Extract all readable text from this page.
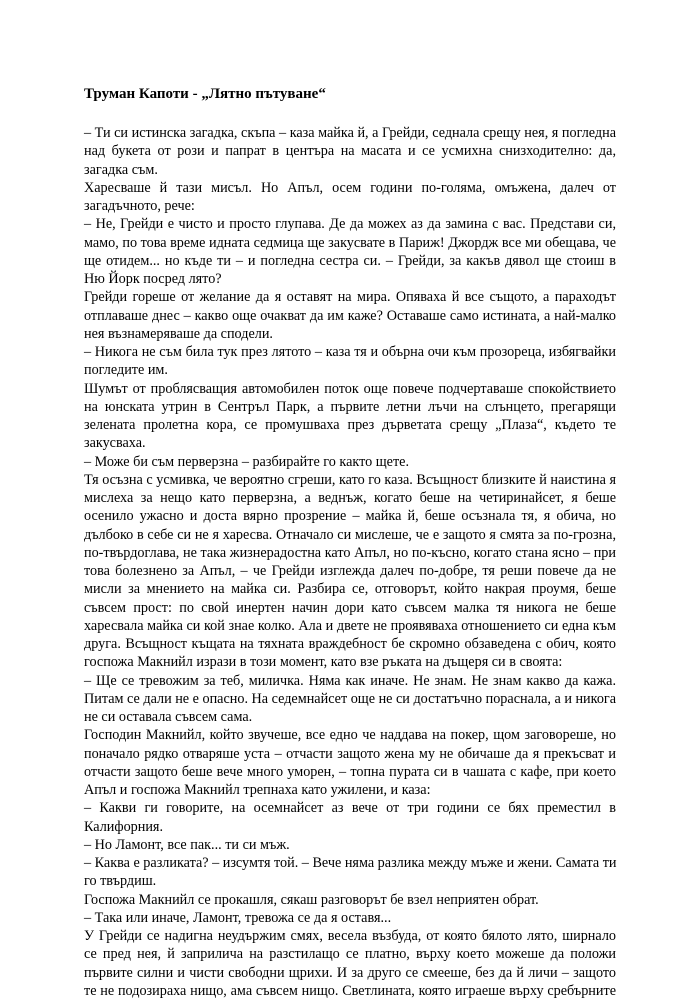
Труман Капоти - „Лятно пътуване“
– Ти си истинска загадка, скъпа – каза майка й, а Грейди, седнала срещу нея, я погледна
над букета от рози и папрат в центъра на масата и се усмихна снизходително: да,
загадка съм.
Харесваше й тази мисъл. Но Апъл, осем години по-голяма, омъжена, далеч от
загадъчното, рече:
– Не, Грейди е чисто и просто глупава. Де да можех аз да замина с вас. Представи си,
мамо, по това време идната седмица ще закусвате в Париж! Джордж все ми обещава, че
ще отидем... но къде ти – и погледна сестра си. – Грейди, за какъв дявол ще стоиш в
Ню Йорк посред лято?
Грейди гореше от желание да я оставят на мира. Опяваха й все същото, а параходът
отплаваше днес – какво още очакват да им каже? Оставаше само истината, а най-малко
нея възнамеряваше да сподели.
– Никога не съм била тук през лятото – каза тя и обърна очи към прозореца, избягвайки
погледите им.
Шумът от проблясващия автомобилен поток още повече подчертаваше спокойствието
на юнската утрин в Сентръл Парк, а първите летни лъчи на слънцето, прегарящи
зелената пролетна кора, се промушваха през дърветата срещу „Плаза“, където те
закусваха.
– Може би съм перверзна – разбирайте го както щете.
Тя осъзна с усмивка, че вероятно сгреши, като го каза. Всъщност близките й наистина я
мислеха за нещо като перверзна, а веднъж, когато беше на четиринайсет, я беше
осенило ужасно и доста вярно прозрение – майка й, беше осъзнала тя, я обича, но
дълбоко в себе си не я харесва. Отначало си мислеше, че е защото я смята за по-грозна,
по-твърдоглава, не така жизнерадостна като Апъл, но по-късно, когато стана ясно – при
това болезнено за Апъл, – че Грейди изглежда далеч по-добре, тя реши повече да не
мисли за мнението на майка си. Разбира се, отговорът, който накрая проумя, беше
съвсем прост: по свой инертен начин дори като съвсем малка тя никога не беше
харесвала майка си кой знае колко. Ала и двете не проявяваха отношението си една към
друга. Всъщност къщата на тяхната враждебност бе скромно обзаведена с обич, която
госпожа Макнийл изрази в този момент, като взе ръката на дъщеря си в своята:
– Ще се тревожим за теб, миличка. Няма как иначе. Не знам. Не знам какво да кажа.
Питам се дали не е опасно. На седемнайсет още не си достатъчно пораснала, а и никога
не си оставала съвсем сама.
Господин Макнийл, който звучеше, все едно че наддава на покер, щом заговореше, но
поначало рядко отваряше уста – отчасти защото жена му не обичаше да я прекъсват и
отчасти защото беше вече много уморен, – топна пурата си в чашата с кафе, при което
Апъл и госпожа Макнийл трепнаха като ужилени, и каза:
– Какви ги говорите, на осемнайсет аз вече от три години се бях преместил в
Калифорния.
– Но Ламонт, все пак... ти си мъж.
– Каква е разликата? – изсумтя той. – Вече няма разлика между мъже и жени. Самата ти
го твърдиш.
Госпожа Макнийл се прокашля, сякаш разговорът бе взел неприятен обрат.
– Така или иначе, Ламонт, тревожа се да я оставя...
У Грейди се надигна неудържим смях, весела възбуда, от която бялото лято, ширнало
се пред нея, й заприлича на разстилащо се платно, върху което можеше да положи
първите силни и чисти свободни щрихи. И за друго се смееше, без да й личи – защото
те не подозираха нищо, ама съвсем нищо. Светлината, която играеше върху сребърните
